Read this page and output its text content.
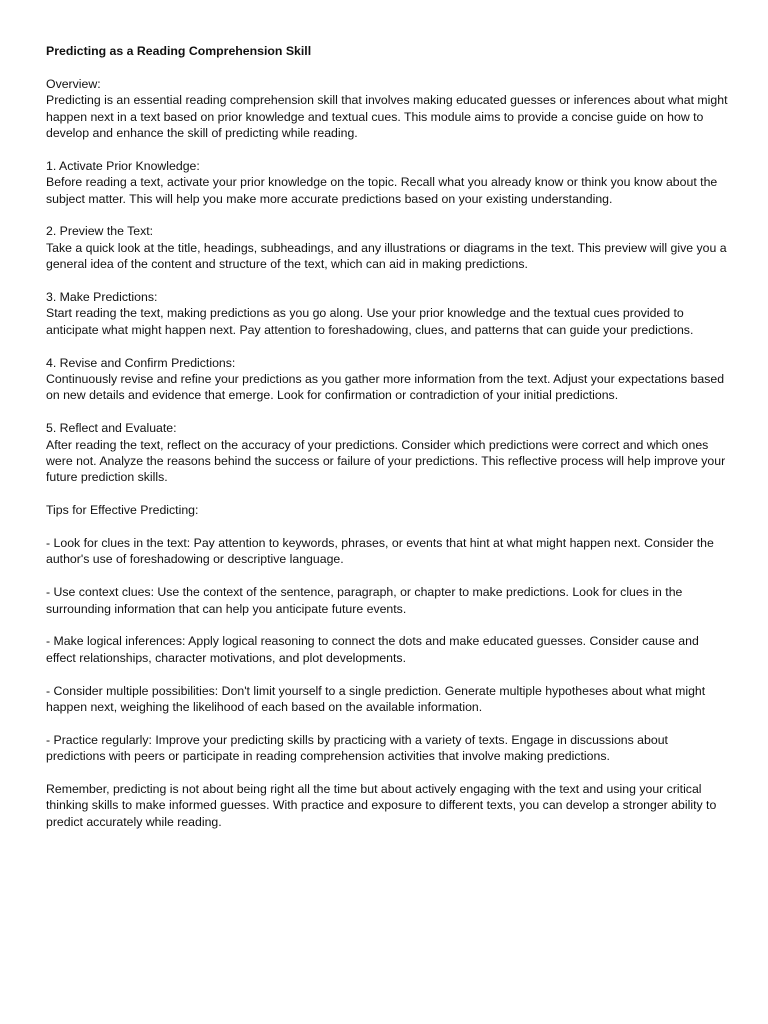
Predicting as a Reading Comprehension Skill
Overview:

Predicting is an essential reading comprehension skill that involves making educated guesses or inferences about what might happen next in a text based on prior knowledge and textual cues. This module aims to provide a concise guide on how to develop and enhance the skill of predicting while reading.

1. Activate Prior Knowledge:

Before reading a text, activate your prior knowledge on the topic. Recall what you already know or think you know about the subject matter. This will help you make more accurate predictions based on your existing understanding.

2. Preview the Text:

Take a quick look at the title, headings, subheadings, and any illustrations or diagrams in the text. This preview will give you a general idea of the content and structure of the text, which can aid in making predictions.

3. Make Predictions:

Start reading the text, making predictions as you go along. Use your prior knowledge and the textual cues provided to anticipate what might happen next. Pay attention to foreshadowing, clues, and patterns that can guide your predictions.

4. Revise and Confirm Predictions:

Continuously revise and refine your predictions as you gather more information from the text. Adjust your expectations based on new details and evidence that emerge. Look for confirmation or contradiction of your initial predictions.

5. Reflect and Evaluate:

After reading the text, reflect on the accuracy of your predictions. Consider which predictions were correct and which ones were not. Analyze the reasons behind the success or failure of your predictions. This reflective process will help improve your future prediction skills.

Tips for Effective Predicting:
- Look for clues in the text: Pay attention to keywords, phrases, or events that hint at what might happen next. Consider the author's use of foreshadowing or descriptive language.
- Use context clues: Use the context of the sentence, paragraph, or chapter to make predictions. Look for clues in the surrounding information that can help you anticipate future events.
- Make logical inferences: Apply logical reasoning to connect the dots and make educated guesses. Consider cause and effect relationships, character motivations, and plot developments.
- Consider multiple possibilities: Don't limit yourself to a single prediction. Generate multiple hypotheses about what might happen next, weighing the likelihood of each based on the available information.
- Practice regularly: Improve your predicting skills by practicing with a variety of texts. Engage in discussions about predictions with peers or participate in reading comprehension activities that involve making predictions.
Remember, predicting is not about being right all the time but about actively engaging with the text and using your critical thinking skills to make informed guesses. With practice and exposure to different texts, you can develop a stronger ability to predict accurately while reading.
